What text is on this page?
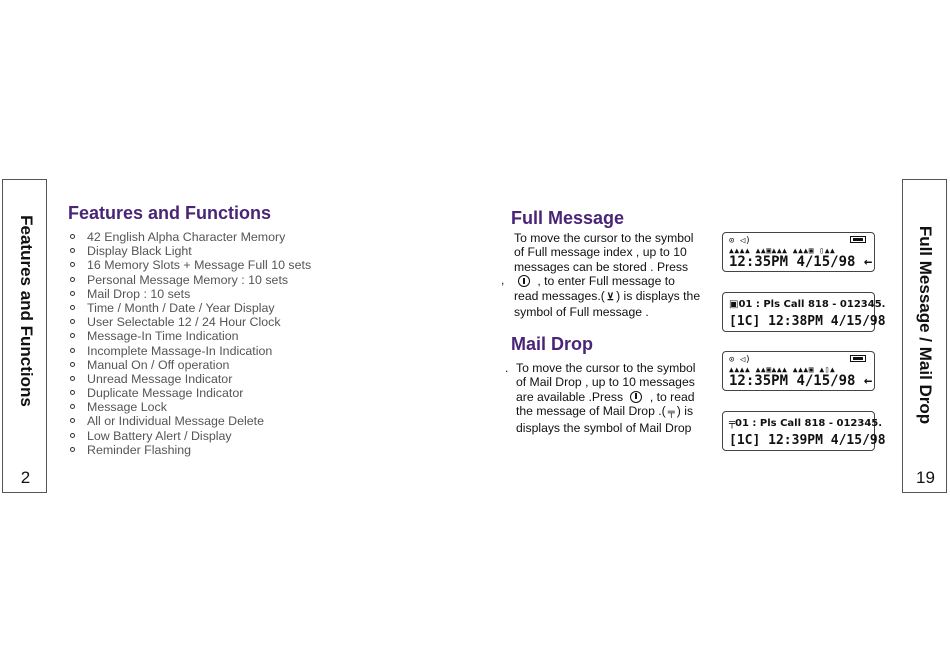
Features and Functions
2
Features and Functions
42 English Alpha Character Memory
Display Black Light
16 Memory Slots + Message Full 10 sets
Personal Message Memory : 10 sets
Mail Drop : 10 sets
Time / Month / Date / Year Display
User Selectable 12 / 24 Hour Clock
Message-In Time Indication
Incomplete Massage-In Indication
Manual On / Off operation
Unread Message Indicator
Duplicate Message Indicator
Message Lock
All or Individual Message Delete
Low Battery Alert / Display
Reminder Flashing
Full Message / Mail Drop
19
Full Message
To move the cursor to the symbol
of Full message index , up to 10
messages can be stored . Press
, to enter Full message to
read messages.( ⊻ ) is displays the
symbol of Full message .
,
Mail Drop
. To move the cursor to the symbol
of Mail Drop , up to 10 messages
are available .Press , to read
the message of Mail Drop .( ╤ ) is
displays the symbol of Mail Drop
⊙ ◁)
▲▲▲▲ ▲▲▣▲▲▲ ▲▲▲▣ ▯▲▲
12:35PM 4/15/98 ←
▣01 : Pls Call 818 - 012345.
[1C] 12:38PM 4/15/98
⊙ ◁)
▲▲▲▲ ▲▲▣▲▲▲ ▲▲▲▣ ▲▯▲
12:35PM 4/15/98 ←
╤01 : Pls Call 818 - 012345.
[1C] 12:39PM 4/15/98
